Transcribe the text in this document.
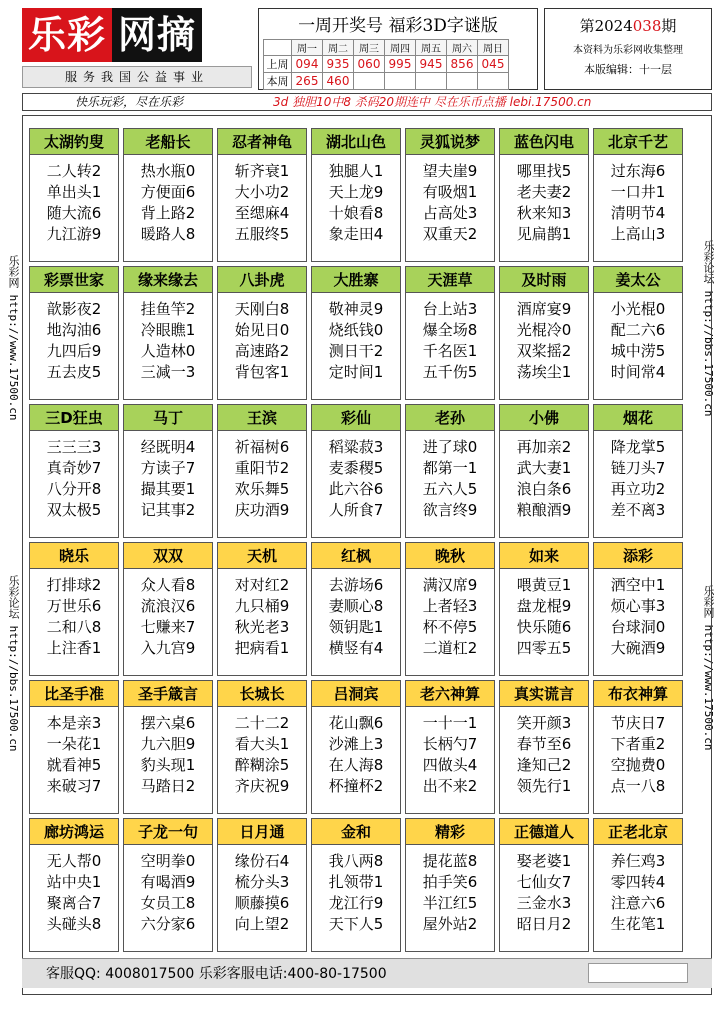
乐彩 网摘
服务我国公益事业
一周开奖号 福彩3D字谜版
	周一	周二	周三	周四	周五	周六	周日
上周	094	935	060	995	945	856	045
本周	265	460					
第2024038期
本资料为乐彩网收集整理
本版编辑：十一层
快乐玩彩，尽在乐彩	3d 独胆10中8 杀码20期连中 尽在乐币点播 lebi.17500.cn
乐彩网 http://www.17500.cn
乐彩论坛 http://bbs.17500.cn
乐彩论坛 http://bbs.17500.cn
乐彩网 http://www.17500.cn
太湖钓叟
二人转2
单出头1
随大流6
九江游9
老船长
热水瓶0
方便面6
背上路2
暖路人8
忍者神龟
斩齐衰1
大小功2
至缌麻4
五服终5
湖北山色
独腿人1
天上龙9
十娘看8
象走田4
灵狐说梦
望夫崖9
有吸烟1
占高处3
双重天2
蓝色闪电
哪里找5
老夫妻2
秋来知3
见扁鹊1
北京千艺
过东海6
一口井1
清明节4
上高山3
彩票世家
歆影夜2
地沟油6
九四后9
五去皮5
缘来缘去
挂鱼竿2
冷眼瞧1
人造林0
三减一3
八卦虎
天刚白8
始见日0
高速路2
背包客1
大胜寨
敬神灵9
烧纸钱0
测日干2
定时间1
天涯草
台上站3
爆全场8
千名医1
五千伤5
及时雨
酒席宴9
光棍冷0
双桨摇2
荡埃尘1
姜太公
小光棍0
配二六6
城中涝5
时间常4
三D狂虫
三三三3
真奇妙7
八分开8
双太极5
马丁
经既明4
方读子7
撮其要1
记其事2
王滨
祈福树6
重阳节2
欢乐舞5
庆功酒9
彩仙
稻粱菽3
麦黍稷5
此六谷6
人所食7
老孙
进了球0
都第一1
五六人5
欲言终9
小佛
再加亲2
武大妻1
浪白条6
粮酿酒9
烟花
降龙掌5
链刀头7
再立功2
差不离3
晓乐
打排球2
万世乐6
二和八8
上注香1
双双
众人看8
流浪汉6
七赚来7
入九宫9
天机
对对红2
九只桶9
秋光老3
把病看1
红枫
去游场6
妻顺心8
领钥匙1
横竖有4
晚秋
满汉席9
上者轻3
杯不停5
二道杠2
如来
喂黄豆1
盘龙棍9
快乐随6
四零五5
添彩
洒空中1
烦心事3
台球洞0
大碗酒9
比圣手准
本是亲3
一朵花1
就看神5
来破习7
圣手箴言
摆六桌6
九六胆9
豹头现1
马踏日2
长城长
二十二2
看大头1
醉糊涂5
齐庆祝9
吕洞宾
花山飘6
沙滩上3
在人海8
杯撞杯2
老六神算
一十一1
长柄勺7
四做头4
出不来2
真实谎言
笑开颜3
春节至6
逢知己2
领先行1
布衣神算
节庆日7
下者重2
空抛费0
点一八8
廊坊鸿运
无人帮0
站中央1
聚离合7
头碰头8
子龙一句
空明拳0
有喝酒9
女员工8
六分家6
日月通
缘份石4
梳分头3
顺藤摸6
向上望2
金和
我八两8
扎领带1
龙江行9
天下人5
精彩
提花蓝8
拍手笑6
半江红5
屋外站2
正德道人
娶老婆1
七仙女7
三金水3
昭日月2
正老北京
养仨鸡3
零四转4
注意六6
生花笔1
客服QQ: 4008017500 乐彩客服电话:400-80-17500
